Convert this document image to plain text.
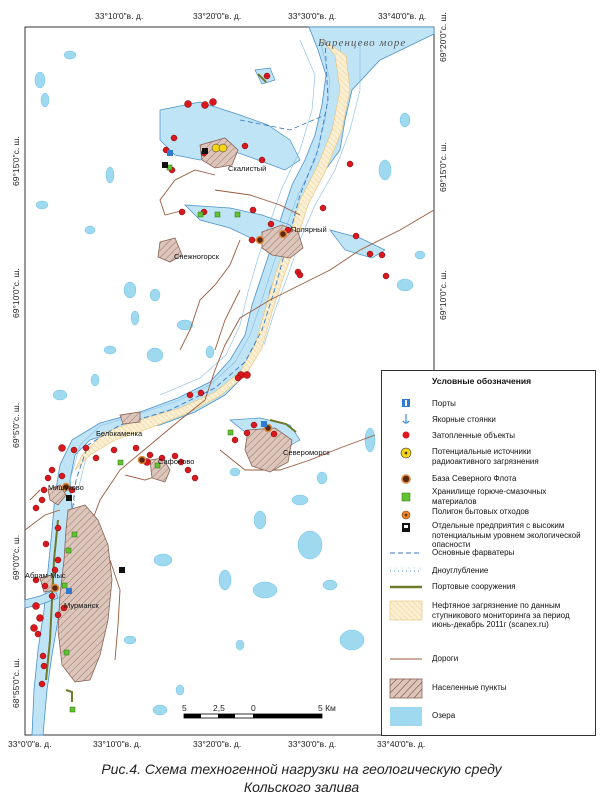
Скалистый
Полярный
Снежногорск
Белокаменка
Сафоново
Североморск
Мишуково
Абрам-Мыс
Мурманск
Баренцево море
33°10'0"в. д.	33°20'0"в. д.	33°30'0"в. д.	33°40'0"в. д.
33°0'0"в. д.	33°10'0"в. д.	33°20'0"в. д.	33°30'0"в. д.	33°40'0"в. д.
69°15'0"с. ш.
69°10'0"с. ш.
69°5'0"с. ш.
69°0'0"с. ш.
68°55'0"с. ш.
69°20'0"с. ш.
69°15'0"с. ш.
69°10'0"с. ш.
5	2,5	0	5 Км
Условные обозначения
Порты
Якорные стоянки
Затопленные объекты
Потенциальные источники радиоактивного загрязнения
База Северного Флота
Хранилище горюче-смазочных материалов
Полигон бытовых отходов
Отдельные предприятия с высоким потенциальным уровнем экологической опасности
Основные фарватеры
Дноуглубление
Портовые сооружения
Нефтяное загрязнение по данным ступникового мониторинга за период июнь-декабрь 2011г (scanex.ru)
Дороги
Населенные пункты
Озера
Рис.4. Схема техногенной нагрузки на геологическую среду
Кольского залива
